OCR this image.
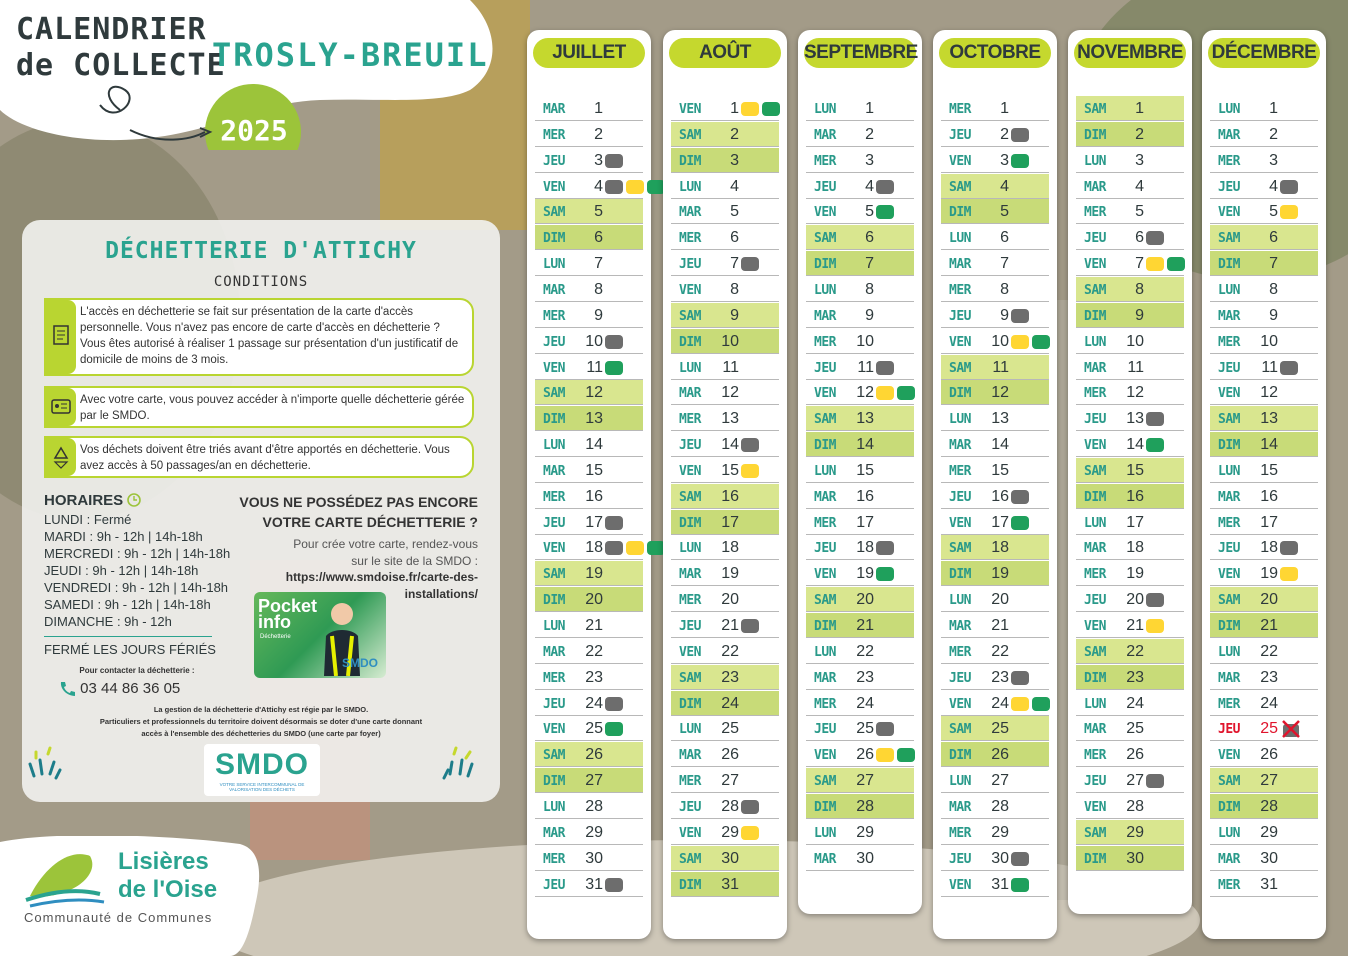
CALENDRIER
de COLLECTE
TROSLY-BREUIL
2025
DÉCHETTERIE D'ATTICHY
CONDITIONS
L'accès en déchetterie se fait sur présentation de la carte d'accès personnelle. Vous n'avez pas encore de carte d'accès en déchetterie ? Vous êtes autorisé à réaliser 1 passage sur présentation d'un justificatif de domicile de moins de 3 mois.
Avec votre carte, vous pouvez accéder à n'importe quelle déchetterie gérée par le SMDO.
Vos déchets doivent être triés avant d'être apportés en déchetterie. Vous avez accès à 50 passages/an en déchetterie.
HORAIRES
LUNDI : Fermé
MARDI : 9h - 12h | 14h-18h
MERCREDI : 9h - 12h | 14h-18h
JEUDI : 9h - 12h | 14h-18h
VENDREDI : 9h - 12h | 14h-18h
SAMEDI : 9h - 12h | 14h-18h
DIMANCHE : 9h - 12h
FERMÉ LES JOURS FÉRIÉS
Pour contacter la déchetterie :
03 44 86 36 05
VOUS NE POSSÉDEZ PAS ENCORE
VOTRE CARTE DÉCHETTERIE ?
Pour crée votre carte, rendez-vous
sur le site de la SMDO :
https://www.smdoise.fr/carte-des-
installations/
Pocket
info
Déchetterie
SMDO
La gestion de la déchetterie d'Attichy est régie par le SMDO.
Particuliers et professionnels du territoire doivent désormais se doter d'une carte donnant
accès à l'ensemble des déchetteries du SMDO (une carte par foyer)
SMDO
VOTRE SERVICE INTERCOMMUNAL DE VALORISATION DES DÉCHETS
Lisières
de l'Oise
Communauté de Communes
JUILLET
MAR	1
MER	2
JEU	3
VEN	4
SAM	5
DIM	6
LUN	7
MAR	8
MER	9
JEU	10
VEN	11
SAM	12
DIM	13
LUN	14
MAR	15
MER	16
JEU	17
VEN	18
SAM	19
DIM	20
LUN	21
MAR	22
MER	23
JEU	24
VEN	25
SAM	26
DIM	27
LUN	28
MAR	29
MER	30
JEU	31
AOÛT
VEN	1
SAM	2
DIM	3
LUN	4
MAR	5
MER	6
JEU	7
VEN	8
SAM	9
DIM	10
LUN	11
MAR	12
MER	13
JEU	14
VEN	15
SAM	16
DIM	17
LUN	18
MAR	19
MER	20
JEU	21
VEN	22
SAM	23
DIM	24
LUN	25
MAR	26
MER	27
JEU	28
VEN	29
SAM	30
DIM	31
SEPTEMBRE
LUN	1
MAR	2
MER	3
JEU	4
VEN	5
SAM	6
DIM	7
LUN	8
MAR	9
MER	10
JEU	11
VEN	12
SAM	13
DIM	14
LUN	15
MAR	16
MER	17
JEU	18
VEN	19
SAM	20
DIM	21
LUN	22
MAR	23
MER	24
JEU	25
VEN	26
SAM	27
DIM	28
LUN	29
MAR	30
OCTOBRE
MER	1
JEU	2
VEN	3
SAM	4
DIM	5
LUN	6
MAR	7
MER	8
JEU	9
VEN	10
SAM	11
DIM	12
LUN	13
MAR	14
MER	15
JEU	16
VEN	17
SAM	18
DIM	19
LUN	20
MAR	21
MER	22
JEU	23
VEN	24
SAM	25
DIM	26
LUN	27
MAR	28
MER	29
JEU	30
VEN	31
NOVEMBRE
SAM	1
DIM	2
LUN	3
MAR	4
MER	5
JEU	6
VEN	7
SAM	8
DIM	9
LUN	10
MAR	11
MER	12
JEU	13
VEN	14
SAM	15
DIM	16
LUN	17
MAR	18
MER	19
JEU	20
VEN	21
SAM	22
DIM	23
LUN	24
MAR	25
MER	26
JEU	27
VEN	28
SAM	29
DIM	30
DÉCEMBRE
LUN	1
MAR	2
MER	3
JEU	4
VEN	5
SAM	6
DIM	7
LUN	8
MAR	9
MER	10
JEU	11
VEN	12
SAM	13
DIM	14
LUN	15
MAR	16
MER	17
JEU	18
VEN	19
SAM	20
DIM	21
LUN	22
MAR	23
MER	24
JEU	25
VEN	26
SAM	27
DIM	28
LUN	29
MAR	30
MER	31
